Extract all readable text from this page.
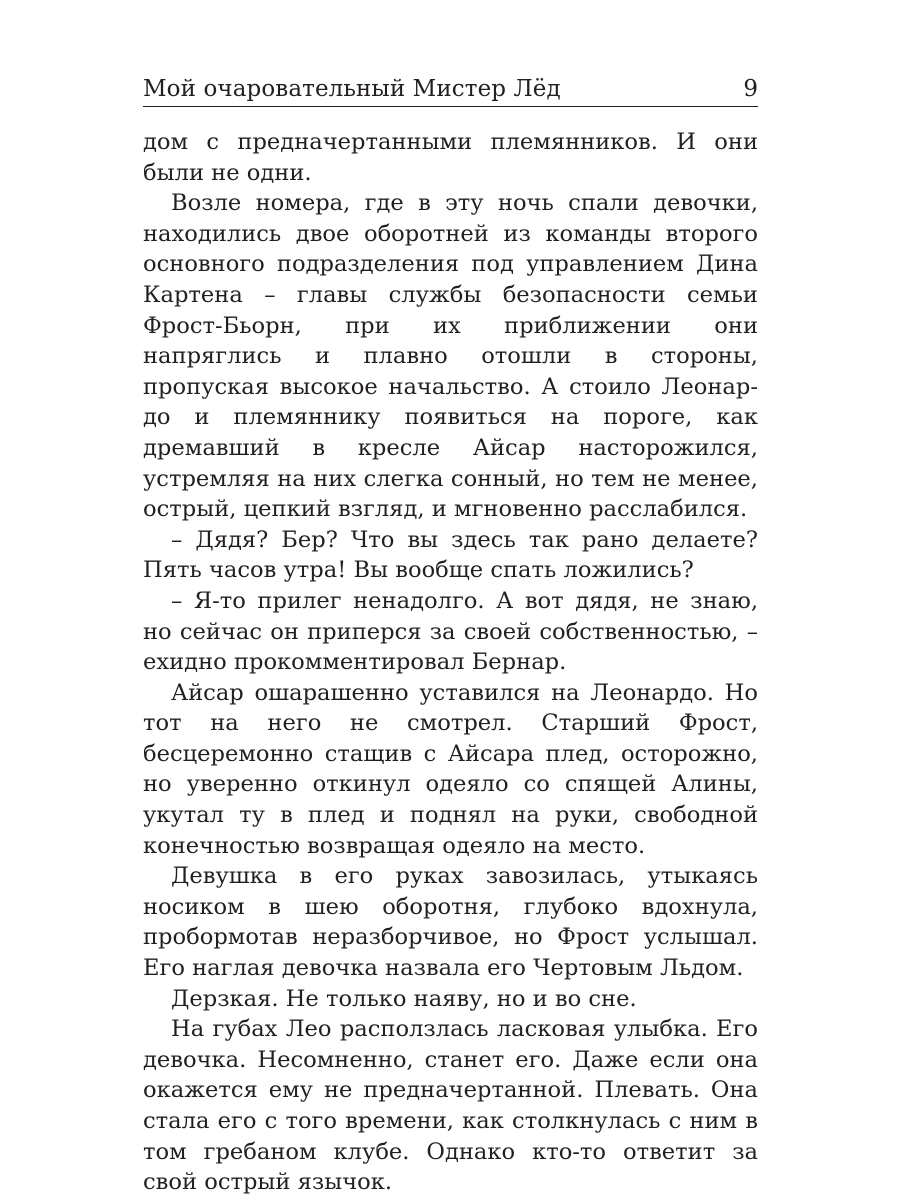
Мой очаровательный Мистер Лёд	9

дом с предначертанными племянников. И они были не одни.

Возле номера, где в эту ночь спали девочки, находились двое оборотней из команды второго основного подразделения под управлением Дина Картена – главы службы безопасности семьи Фрост-Бьорн, при их приближении они напряглись и плавно отошли в стороны, пропуская высокое начальство. А стоило Леонардо и племяннику появиться на пороге, как дремавший в кресле Айсар насторожился, устремляя на них слегка сонный, но тем не менее, острый, цепкий взгляд, и мгновенно расслабился.

– Дядя? Бер? Что вы здесь так рано делаете? Пять часов утра! Вы вообще спать ложились?

– Я-то прилег ненадолго. А вот дядя, не знаю, но сейчас он приперся за своей собственностью, – ехидно прокомментировал Бернар.

Айсар ошарашенно уставился на Леонардо. Но тот на него не смотрел. Старший Фрост, бесцеремонно стащив с Айсара плед, осторожно, но уверенно откинул одеяло со спящей Алины, укутал ту в плед и поднял на руки, свободной конечностью возвращая одеяло на место.

Девушка в его руках завозилась, утыкаясь носиком в шею оборотня, глубоко вдохнула, пробормотав неразборчивое, но Фрост услышал. Его наглая девочка назвала его Чертовым Льдом.

Дерзкая. Не только наяву, но и во сне.

На губах Лео расползлась ласковая улыбка. Его девочка. Несомненно, станет его. Даже если она окажется ему не предначертанной. Плевать. Она стала его с того времени, как столкнулась с ним в том гребаном клубе. Однако кто-то ответит за свой острый язычок.
